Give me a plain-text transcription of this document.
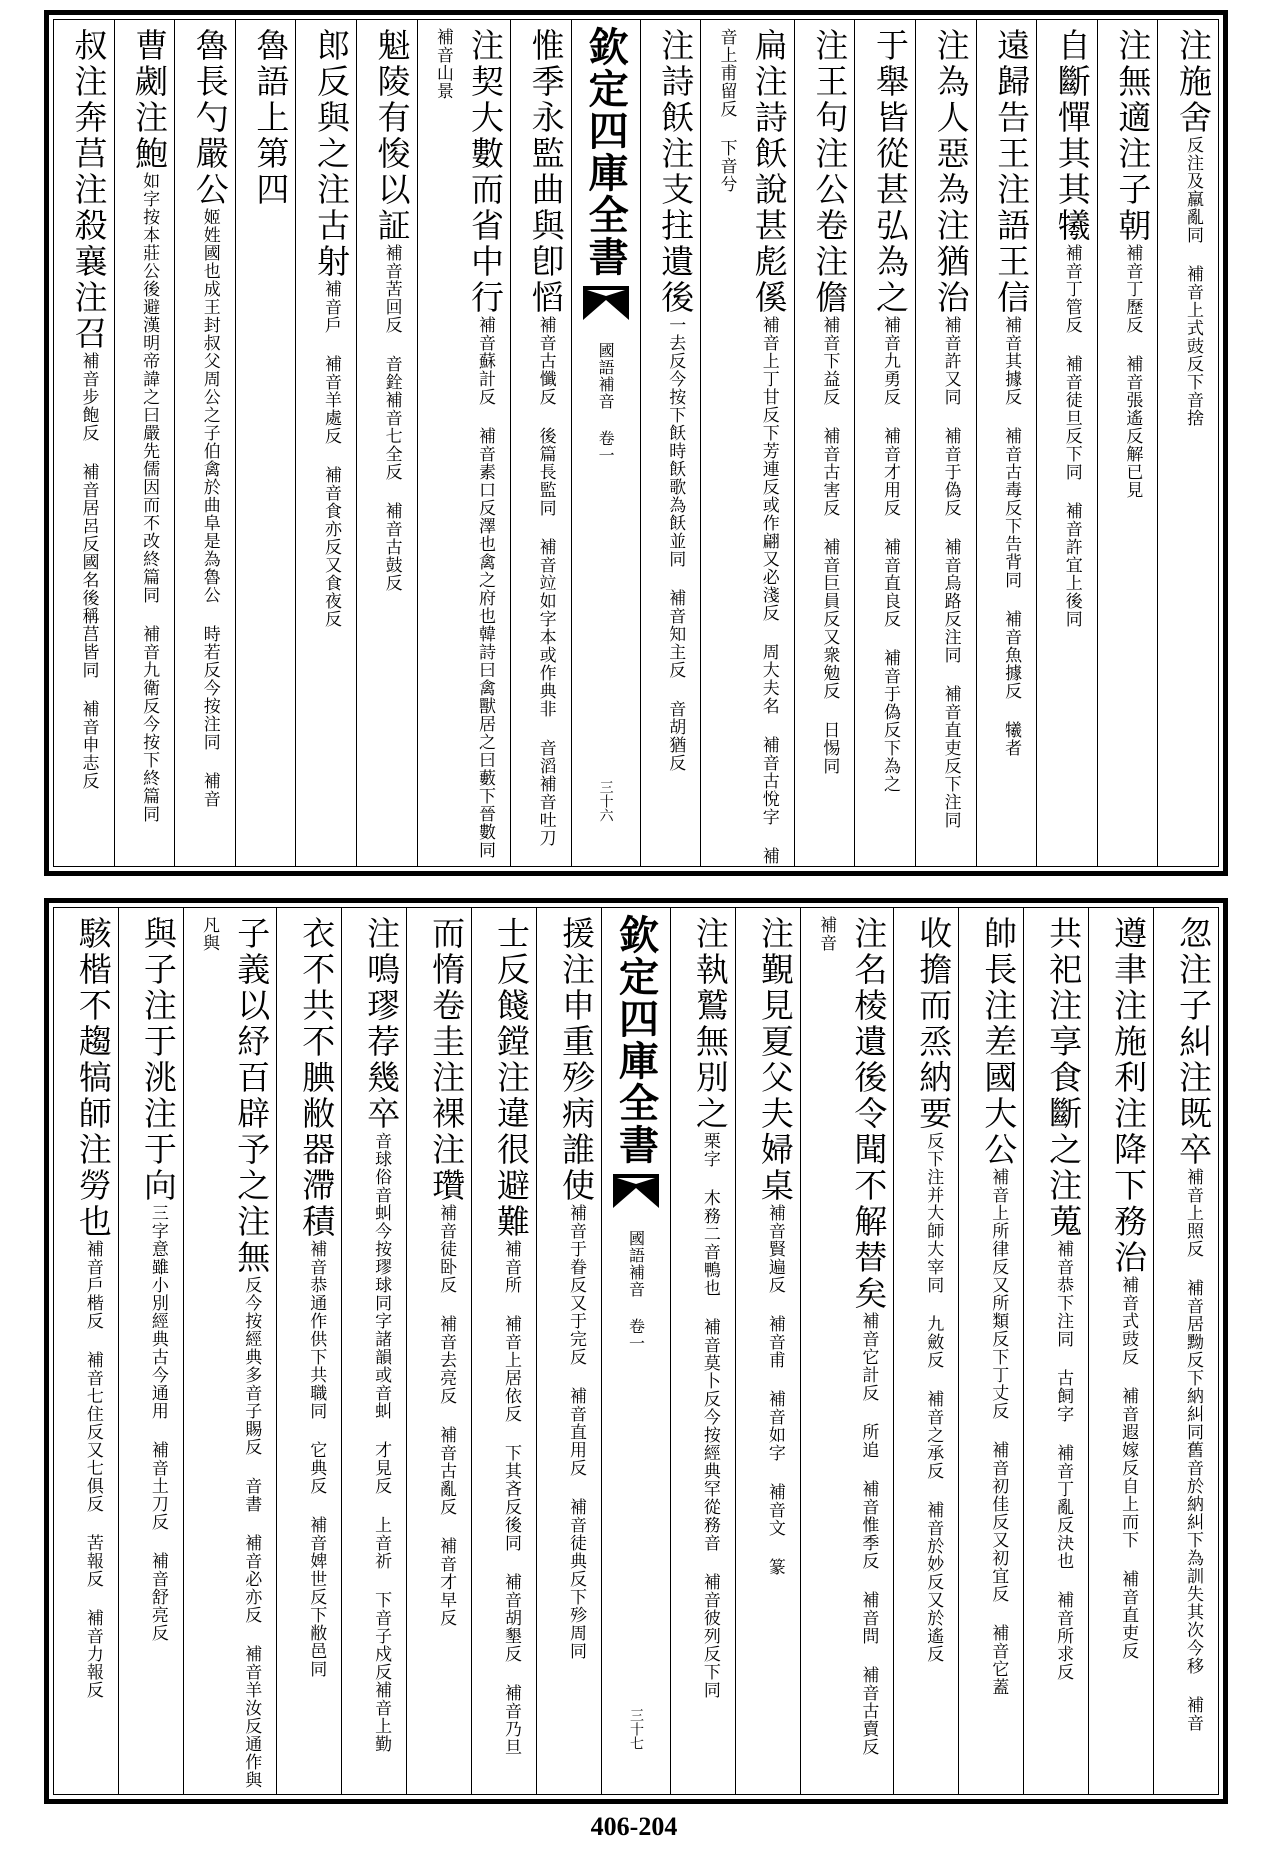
注施舍反注及羸亂同 補音上式豉反下音捨
注無適注子朝補音丁歷反 補音張遙反解已見
自斷憚其其犧補音丁管反 補音徒旦反下同 補音許宜上後同
遠歸告王注語王信補音其據反 補音古毒反下告背同 補音魚據反 犧者
注為人惡為注猶治補音許又同 補音于偽反 補音烏路反注同 補音直吏反下注同
于舉皆從甚弘為之補音九勇反 補音才用反 補音直良反 補音于偽反下為之
注王句注公卷注儋補音下益反 補音古害反 補音巨員反又衆勉反 日惕同
扁注詩飫說甚彪傒補音上丁甘反下芳連反或作翩又必淺反 周大夫名 補音古悅字 補音上甫留反 下音兮
注詩飫注支拄遺後一去反今按下飫時飫歌為飫並同 補音知主反 音胡猶反
欽定四庫全書
國語補音 卷一
三十六
惟季永監曲與卽慆補音古懺反 後篇長監同 補音竝如字本或作典非 音滔補音吐刀
注契大數而省中行補音蘇計反 補音素口反澤也禽之府也韓詩曰禽獸居之曰藪下晉數同 補音山景
魁陵有悛以証補音苦回反 音銓補音七全反 補音古鼓反
郎反與之注古射補音戶 補音羊處反 補音食亦反又食夜反
魯語上第四
魯長勺嚴公姬姓國也成王封叔父周公之子伯禽於曲阜是為魯公 時若反今按注同 補音
曹劌注鮑如字按本莊公後避漢明帝諱之曰嚴先儒因而不改終篇同 補音九衛反今按下終篇同
叔注奔莒注殺襄注召補音步飽反 補音居呂反國名後稱莒皆同 補音申志反
忽注子糾注既卒補音上照反 補音居黝反下納糾同舊音於納糾下為訓失其次今移 補音
遵聿注施利注降下務治補音式豉反 補音遐嫁反自上而下 補音直吏反
共祀注享食斷之注蒐補音恭下注同 古飼字 補音丁亂反決也 補音所求反
帥長注差國大公補音上所律反又所類反下丁丈反 補音初佳反又初宜反 補音它蓋
收擔而烝納要反下注并大師大宰同 九斂反 補音之承反 補音於妙反又於遙反
注名棱遺後令聞不解替矣補音它計反 所追 補音惟季反 補音問 補音古賣反 補音
注覲見夏父夫婦桌補音賢遍反 補音甫 補音如字 補音文 篆
注執鷲無別之栗字 木務二音鴨也 補音莫卜反今按經典罕從務音 補音彼列反下同
欽定四庫全書
國語補音 卷一
三十七
援注申重殄病誰使補音于眷反又于完反 補音直用反 補音徒典反下殄周同
士反餞鏜注違很避難補音所 補音上居依反 下其吝反後同 補音胡墾反 補音乃旦
而惰卷圭注裸注瓚補音徒卧反 補音去亮反 補音古亂反 補音才早反
注鳴璆荐幾卒音球俗音虯今按璆球同字諸韻或音虯 才見反 上音祈 下音子戍反補音上勤
衣不共不腆敝器滯積補音恭通作供下共職同 它典反 補音婢世反下敝邑同
子義以紓百辟予之注無反今按經典多音子賜反 音書 補音必亦反 補音羊汝反通作與凡與
與子注于洮注于向三字意雖小別經典古今通用 補音土刀反 補音舒亮反
駭楷不趨犒師注勞也補音戶楷反 補音七住反又七俱反 苦報反 補音力報反
406-204
